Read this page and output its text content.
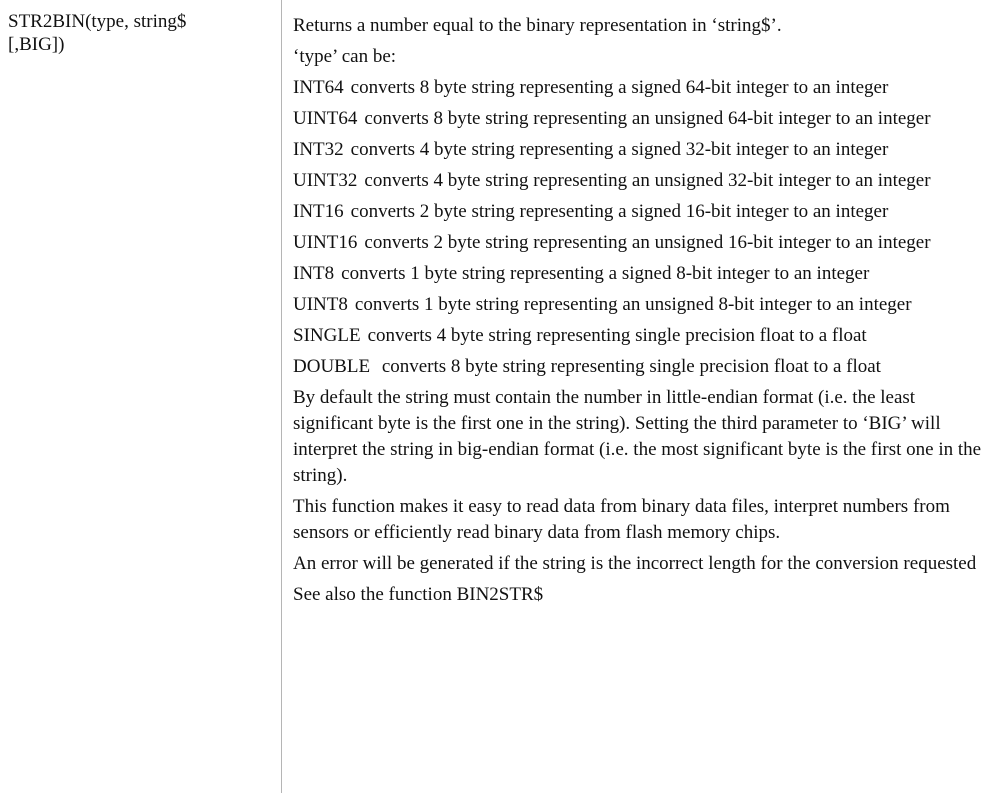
STR2BIN(type, string$
[,BIG])
Returns a number equal to the binary representation in ‘string$’.
‘type’ can be:
INT64 converts 8 byte string representing a signed 64-bit integer to an integer
UINT64 converts 8 byte string representing an unsigned 64-bit integer to an integer
INT32 converts 4 byte string representing a signed 32-bit integer to an integer
UINT32 converts 4 byte string representing an unsigned 32-bit integer to an integer
INT16 converts 2 byte string representing a signed 16-bit integer to an integer
UINT16 converts 2 byte string representing an unsigned 16-bit integer to an integer
INT8 converts 1 byte string representing a signed 8-bit integer to an integer
UINT8 converts 1 byte string representing an unsigned 8-bit integer to an integer
SINGLE converts 4 byte string representing single precision float to a float
DOUBLE converts 8 byte string representing single precision float to a float
By default the string must contain the number in little-endian format (i.e. the least significant byte is the first one in the string). Setting the third parameter to ‘BIG’ will interpret the string in big-endian format (i.e. the most significant byte is the first one in the string).
This function makes it easy to read data from binary data files, interpret numbers from sensors or efficiently read binary data from flash memory chips.
An error will be generated if the string is the incorrect length for the conversion requested
See also the function BIN2STR$
